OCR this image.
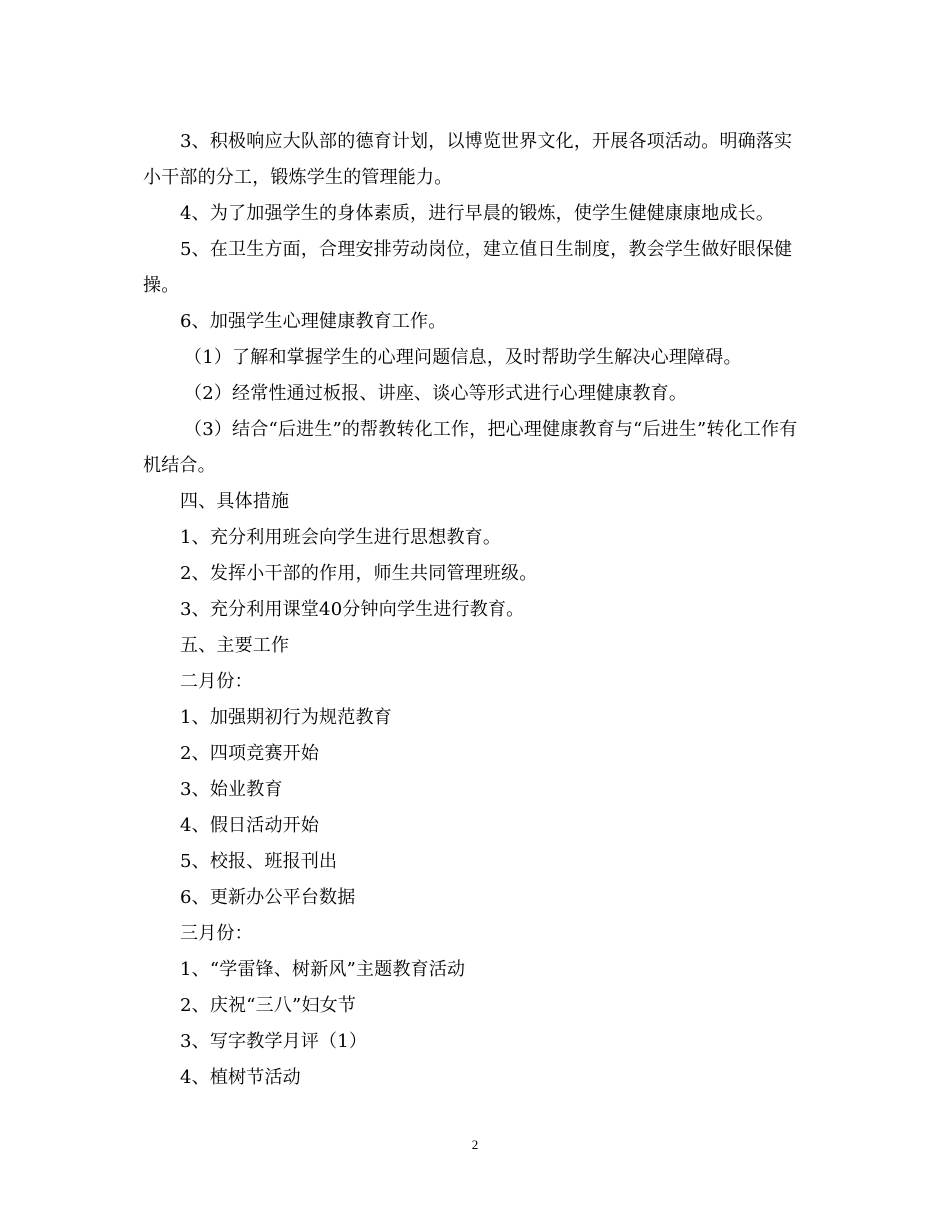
3、积极响应大队部的德育计划，以博览世界文化，开展各项活动。明确落实小干部的分工，锻炼学生的管理能力。

4、为了加强学生的身体素质，进行早晨的锻炼，使学生健健康康地成长。

5、在卫生方面，合理安排劳动岗位，建立值日生制度，教会学生做好眼保健操。

6、加强学生心理健康教育工作。

（1）了解和掌握学生的心理问题信息，及时帮助学生解决心理障碍。

（2）经常性通过板报、讲座、谈心等形式进行心理健康教育。

（3）结合“后进生”的帮教转化工作，把心理健康教育与“后进生”转化工作有机结合。

四、具体措施

1、充分利用班会向学生进行思想教育。

2、发挥小干部的作用，师生共同管理班级。

3、充分利用课堂40分钟向学生进行教育。

五、主要工作

二月份：

1、加强期初行为规范教育

2、四项竞赛开始

3、始业教育

4、假日活动开始

5、校报、班报刊出

6、更新办公平台数据

三月份：

1、“学雷锋、树新风”主题教育活动

2、庆祝“三八”妇女节

3、写字教学月评（1）

4、植树节活动

2
